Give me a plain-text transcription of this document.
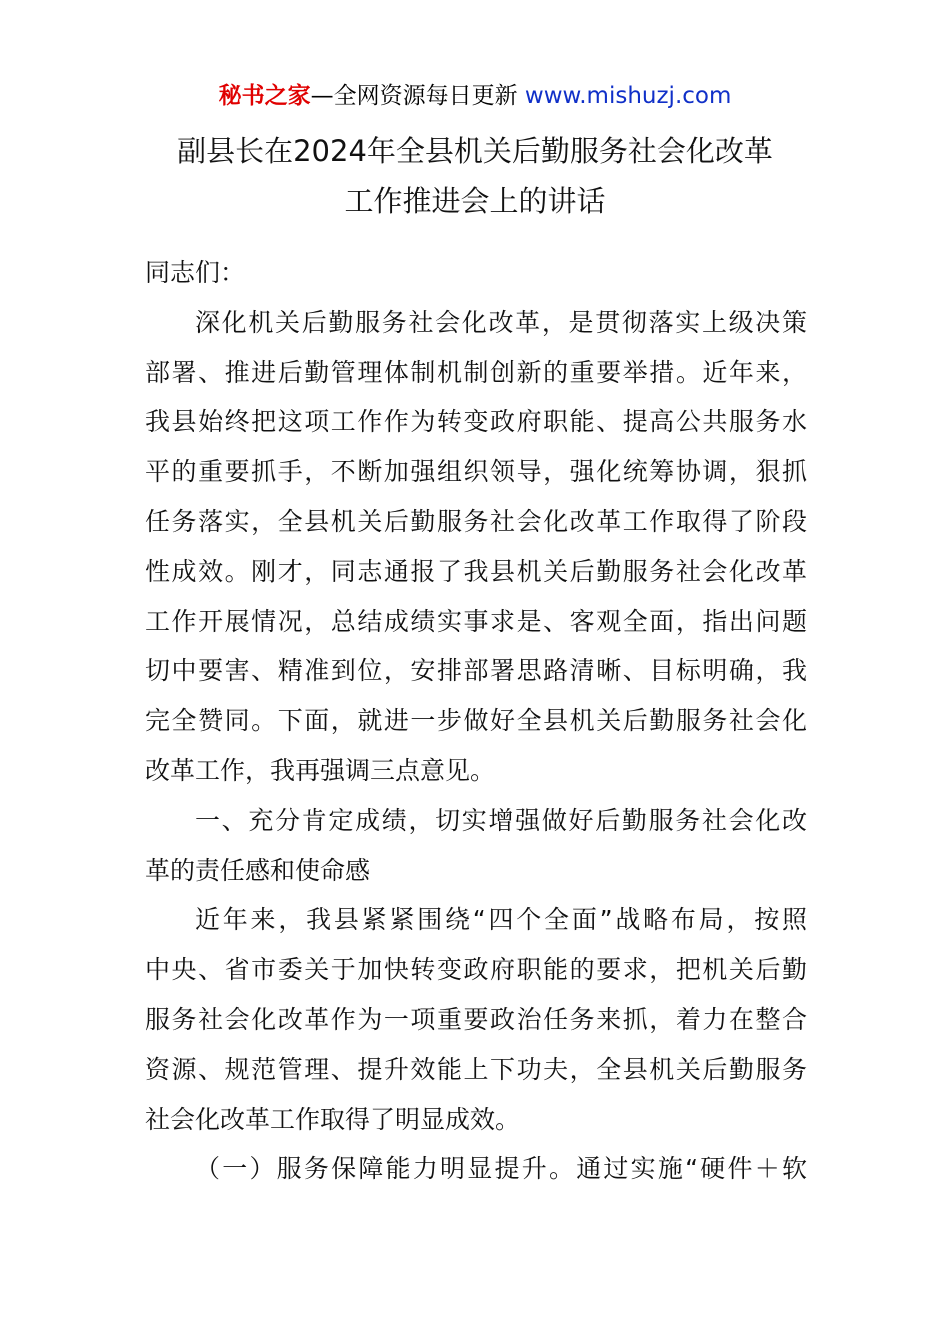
秘书之家—全网资源每日更新 www.mishuzj.com
副县长在2024年全县机关后勤服务社会化改革
工作推进会上的讲话
同志们：
深化机关后勤服务社会化改革，是贯彻落实上级决策
部署、推进后勤管理体制机制创新的重要举措。近年来，
我县始终把这项工作作为转变政府职能、提高公共服务水
平的重要抓手，不断加强组织领导，强化统筹协调，狠抓
任务落实，全县机关后勤服务社会化改革工作取得了阶段
性成效。刚才，同志通报了我县机关后勤服务社会化改革
工作开展情况，总结成绩实事求是、客观全面，指出问题
切中要害、精准到位，安排部署思路清晰、目标明确，我
完全赞同。下面，就进一步做好全县机关后勤服务社会化
改革工作，我再强调三点意见。
一、充分肯定成绩，切实增强做好后勤服务社会化改
革的责任感和使命感
近年来，我县紧紧围绕“四个全面”战略布局，按照
中央、省市委关于加快转变政府职能的要求，把机关后勤
服务社会化改革作为一项重要政治任务来抓，着力在整合
资源、规范管理、提升效能上下功夫，全县机关后勤服务
社会化改革工作取得了明显成效。
（一）服务保障能力明显提升。通过实施“硬件＋软
